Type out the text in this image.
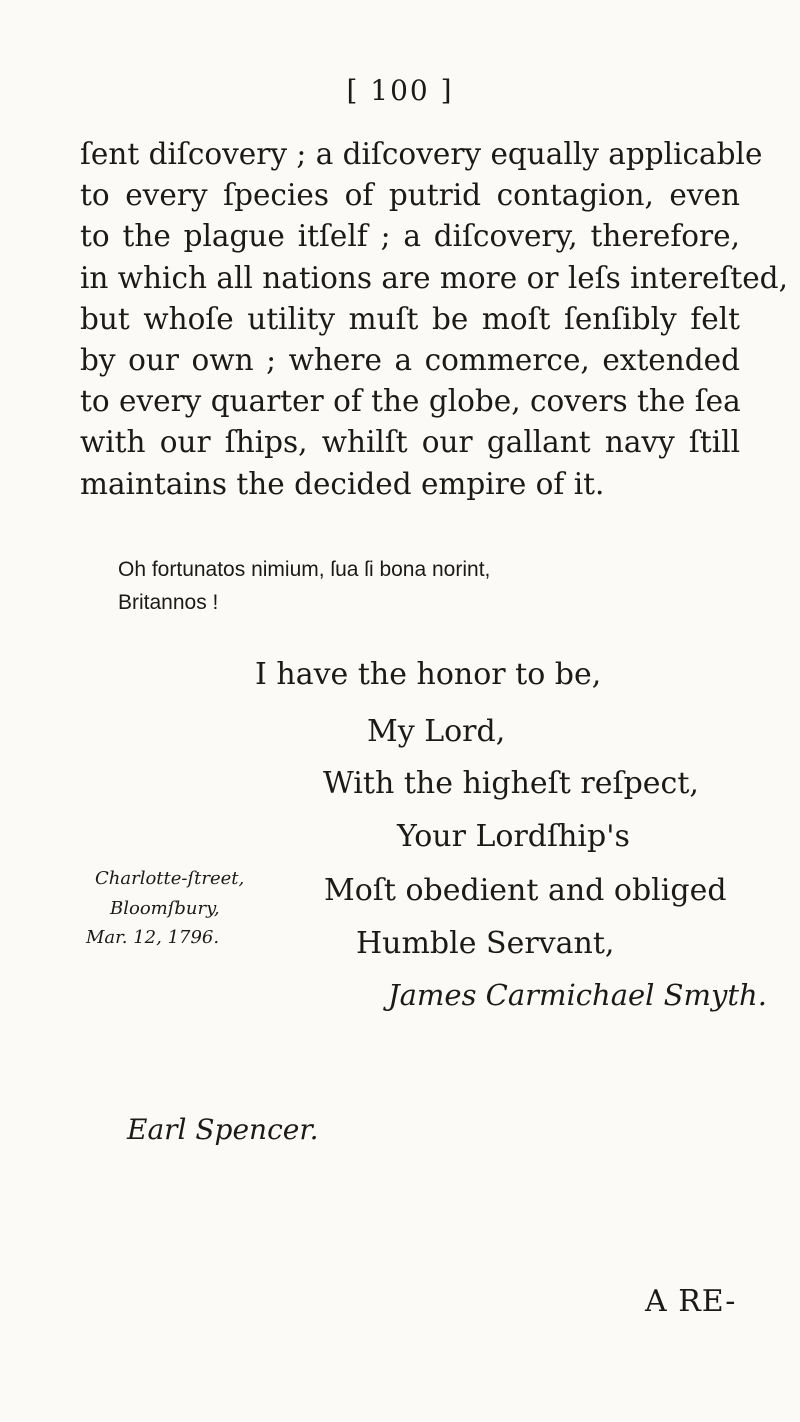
[ 100 ]
ſent diſcovery ; a diſcovery equally applicable
to every ſpecies of putrid contagion, even
to the plague itſelf ; a diſcovery, therefore,
in which all nations are more or leſs intereſted,
but whoſe utility muſt be moſt ſenſibly felt
by our own ; where a commerce, extended
to every quarter of the globe, covers the ſea
with our ſhips, whilſt our gallant navy ſtill
maintains the decided empire of it.
Oh fortunatos nimium, ſua ſi bona norint,
Britannos !
I have the honor to be,
My Lord,
With the higheſt reſpect,
Your Lordſhip's
Moſt obedient and obliged
Humble Servant,
Charlotte-ſtreet,
Bloomſbury,
Mar. 12, 1796.
James Carmichael Smyth.
Earl Spencer.
A RE-
